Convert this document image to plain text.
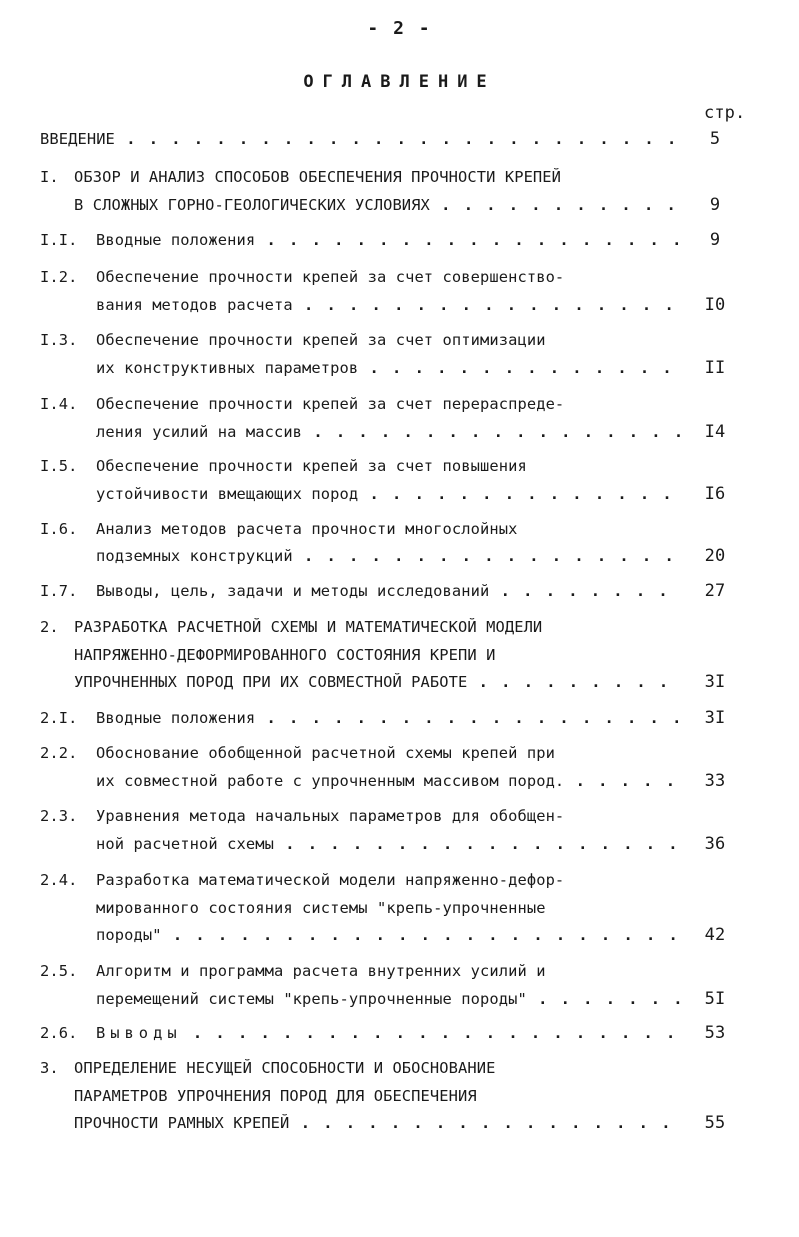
- 2 -
ОГЛАВЛЕНИЕ
стр.
ВВЕДЕНИЕ . . .	5
I. ОБЗОР И АНАЛИЗ СПОСОБОВ ОБЕСПЕЧЕНИЯ ПРОЧНОСТИ КРЕПЕЙ
В СЛОЖНЫХ ГОРНО-ГЕОЛОГИЧЕСКИХ УСЛОВИЯХ . . .	9
I.I.	Вводные положения . . .	9
I.2.	Обеспечение прочности крепей за счет совершенство-
вания методов расчета . . .	I0
I.3.	Обеспечение прочности крепей за счет оптимизации
их конструктивных параметров . . .	II
I.4.	Обеспечение прочности крепей за счет перераспреде-
ления усилий на массив . . .	I4
I.5.	Обеспечение прочности крепей за счет повышения
устойчивости вмещающих пород . . .	I6
I.6.	Анализ методов расчета прочности многослойных
подземных конструкций . . .	20
I.7.	Выводы, цель, задачи и методы исследований . . .	27
2. РАЗРАБОТКА РАСЧЕТНОЙ СХЕМЫ И МАТЕМАТИЧЕСКОЙ МОДЕЛИ
НАПРЯЖЕННО-ДЕФОРМИРОВАННОГО СОСТОЯНИЯ КРЕПИ И
УПРОЧНЕННЫХ ПОРОД ПРИ ИХ СОВМЕСТНОЙ РАБОТЕ . . .	3I
2.I.	Вводные положения . . .	3I
2.2.	Обоснование обобщенной расчетной схемы крепей при
их совместной работе с упрочненным массивом пород. . . .	33
2.3.	Уравнения метода начальных параметров для обобщен-
ной расчетной схемы . . .	36
2.4.	Разработка математической модели напряженно-дефор-
мированного состояния системы "крепь-упрочненные
породы" . . .	42
2.5.	Алгоритм и программа расчета внутренних усилий и
перемещений системы "крепь-упрочненные породы" . . .	5I
2.6.	Выводы . . .	53
3. ОПРЕДЕЛЕНИЕ НЕСУЩЕЙ СПОСОБНОСТИ И ОБОСНОВАНИЕ
ПАРАМЕТРОВ УПРОЧНЕНИЯ ПОРОД ДЛЯ ОБЕСПЕЧЕНИЯ
ПРОЧНОСТИ РАМНЫХ КРЕПЕЙ . . .	55
